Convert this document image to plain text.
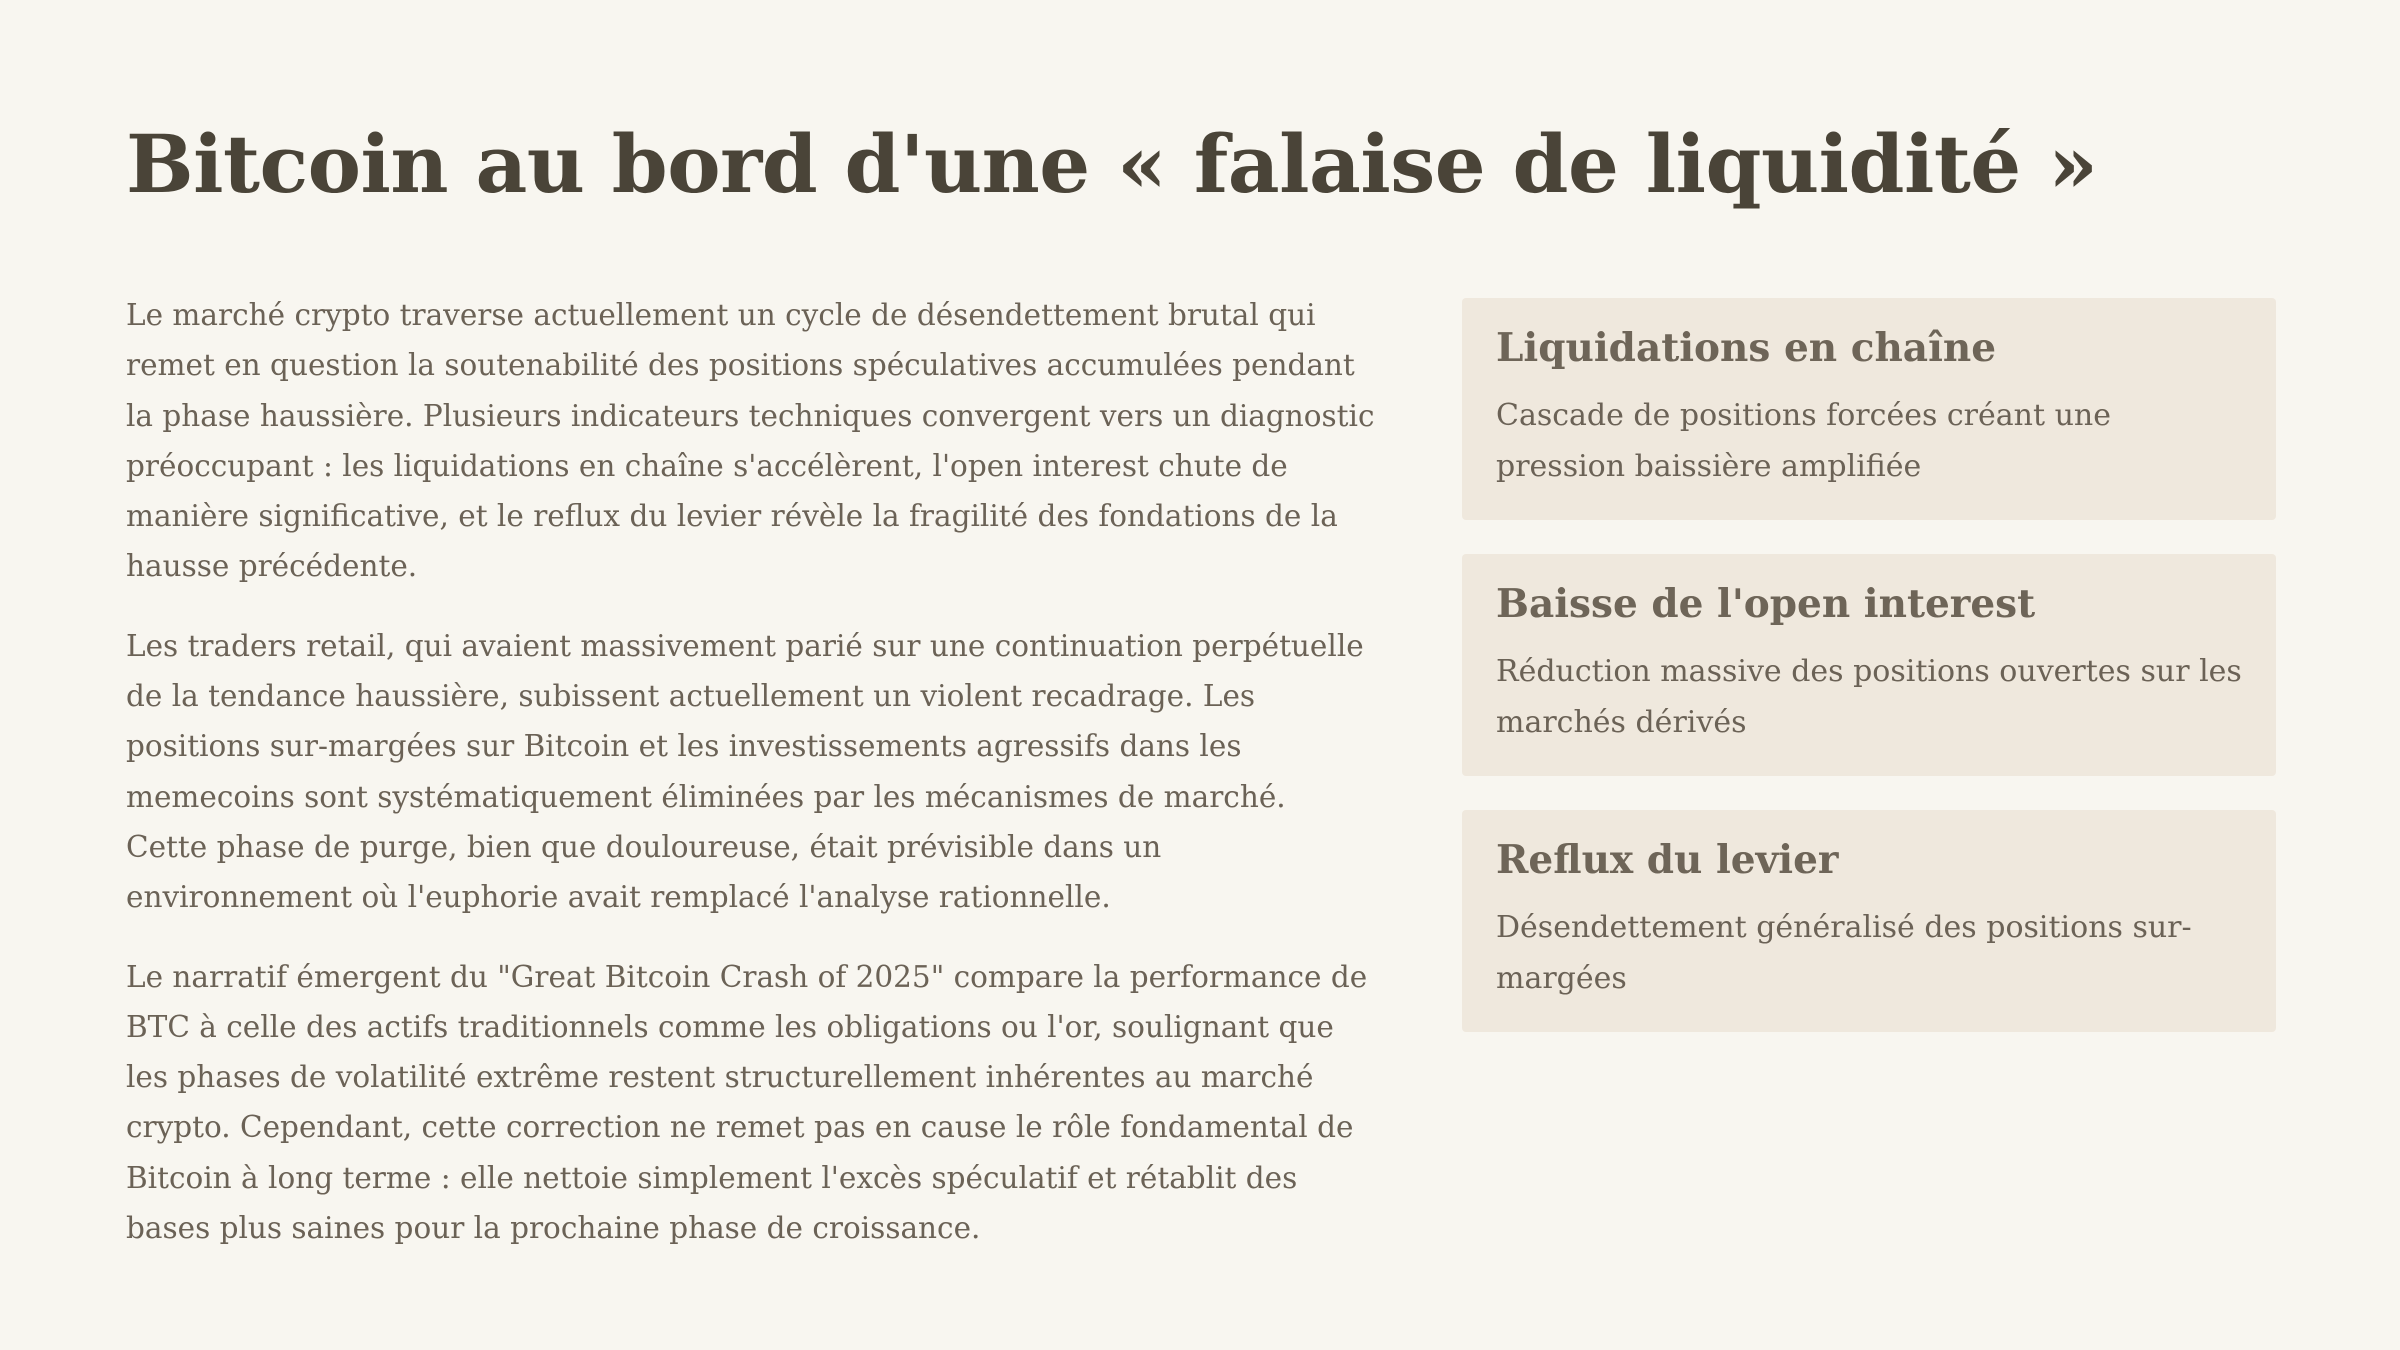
Bitcoin au bord d'une « falaise de liquidité »

Le marché crypto traverse actuellement un cycle de désendettement brutal qui remet en question la soutenabilité des positions spéculatives accumulées pendant la phase haussière. Plusieurs indicateurs techniques convergent vers un diagnostic préoccupant : les liquidations en chaîne s'accélèrent, l'open interest chute de manière significative, et le reflux du levier révèle la fragilité des fondations de la hausse précédente.

Les traders retail, qui avaient massivement parié sur une continuation perpétuelle de la tendance haussière, subissent actuellement un violent recadrage. Les positions sur-margées sur Bitcoin et les investissements agressifs dans les memecoins sont systématiquement éliminées par les mécanismes de marché. Cette phase de purge, bien que douloureuse, était prévisible dans un environnement où l'euphorie avait remplacé l'analyse rationnelle.

Le narratif émergent du "Great Bitcoin Crash of 2025" compare la performance de BTC à celle des actifs traditionnels comme les obligations ou l'or, soulignant que les phases de volatilité extrême restent structurellement inhérentes au marché crypto. Cependant, cette correction ne remet pas en cause le rôle fondamental de Bitcoin à long terme : elle nettoie simplement l'excès spéculatif et rétablit des bases plus saines pour la prochaine phase de croissance.

Liquidations en chaîne

Cascade de positions forcées créant une pression baissière amplifiée

Baisse de l'open interest

Réduction massive des positions ouvertes sur les marchés dérivés

Reflux du levier

Désendettement généralisé des positions sur-margées
